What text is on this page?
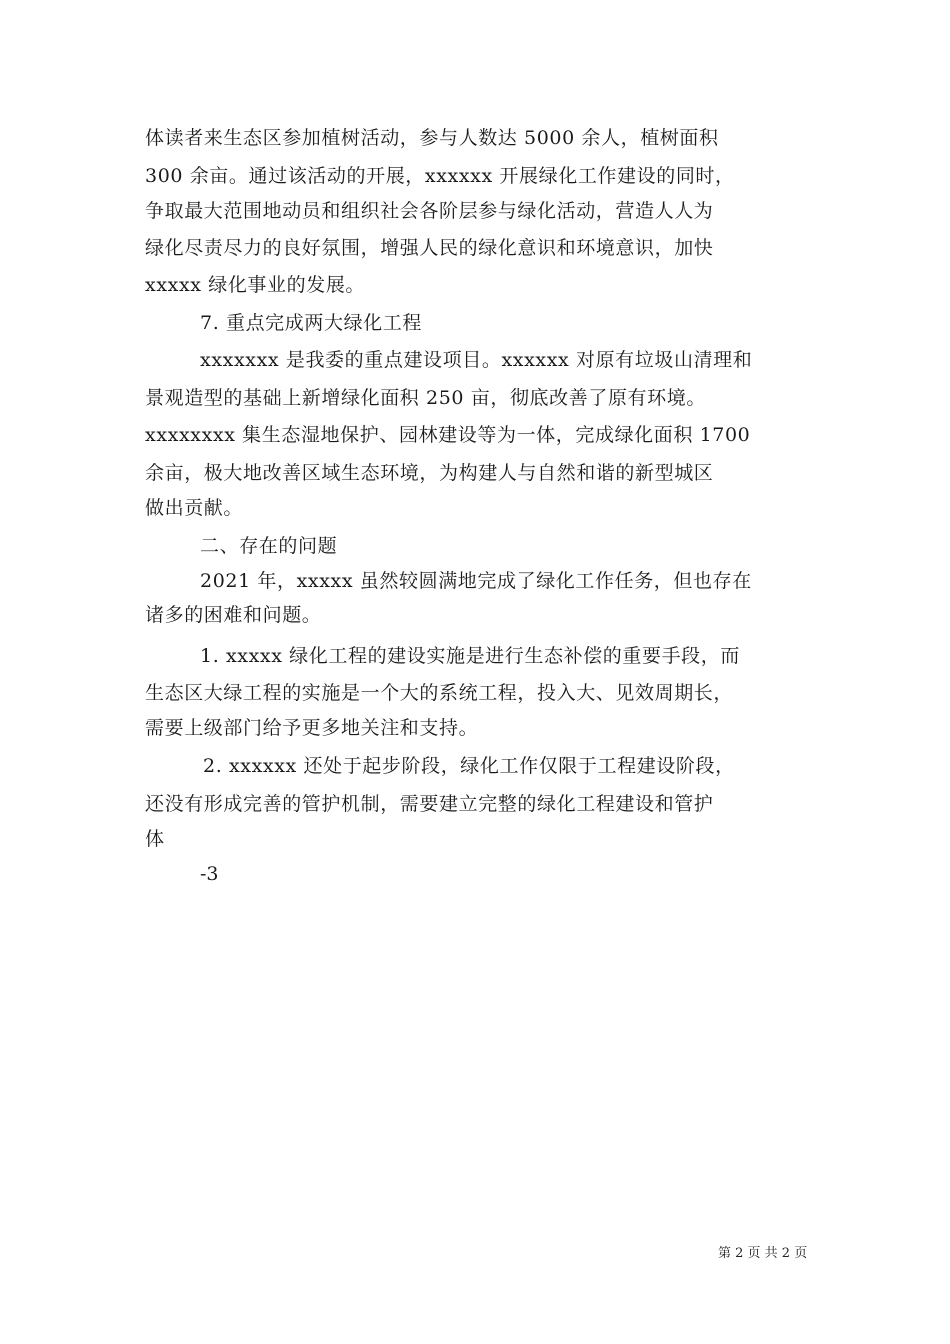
体读者来生态区参加植树活动，参与人数达 5000 余人，植树面积
300 余亩。通过该活动的开展，xxxxxx 开展绿化工作建设的同时，
争取最大范围地动员和组织社会各阶层参与绿化活动，营造人人为
绿化尽责尽力的良好氛围，增强人民的绿化意识和环境意识，加快
xxxxx 绿化事业的发展。
7. 重点完成两大绿化工程
xxxxxxx 是我委的重点建设项目。xxxxxx 对原有垃圾山清理和
景观造型的基础上新增绿化面积 250 亩，彻底改善了原有环境。
xxxxxxxx 集生态湿地保护、园林建设等为一体，完成绿化面积 1700
余亩，极大地改善区域生态环境，为构建人与自然和谐的新型城区
做出贡献。
二、存在的问题
2021 年，xxxxx 虽然较圆满地完成了绿化工作任务，但也存在
诸多的困难和问题。
1. xxxxx 绿化工程的建设实施是进行生态补偿的重要手段，而
生态区大绿工程的实施是一个大的系统工程，投入大、见效周期长，
需要上级部门给予更多地关注和支持。
2. xxxxxx 还处于起步阶段，绿化工作仅限于工程建设阶段，
还没有形成完善的管护机制，需要建立完整的绿化工程建设和管护
体
-3
第 2 页 共 2 页
